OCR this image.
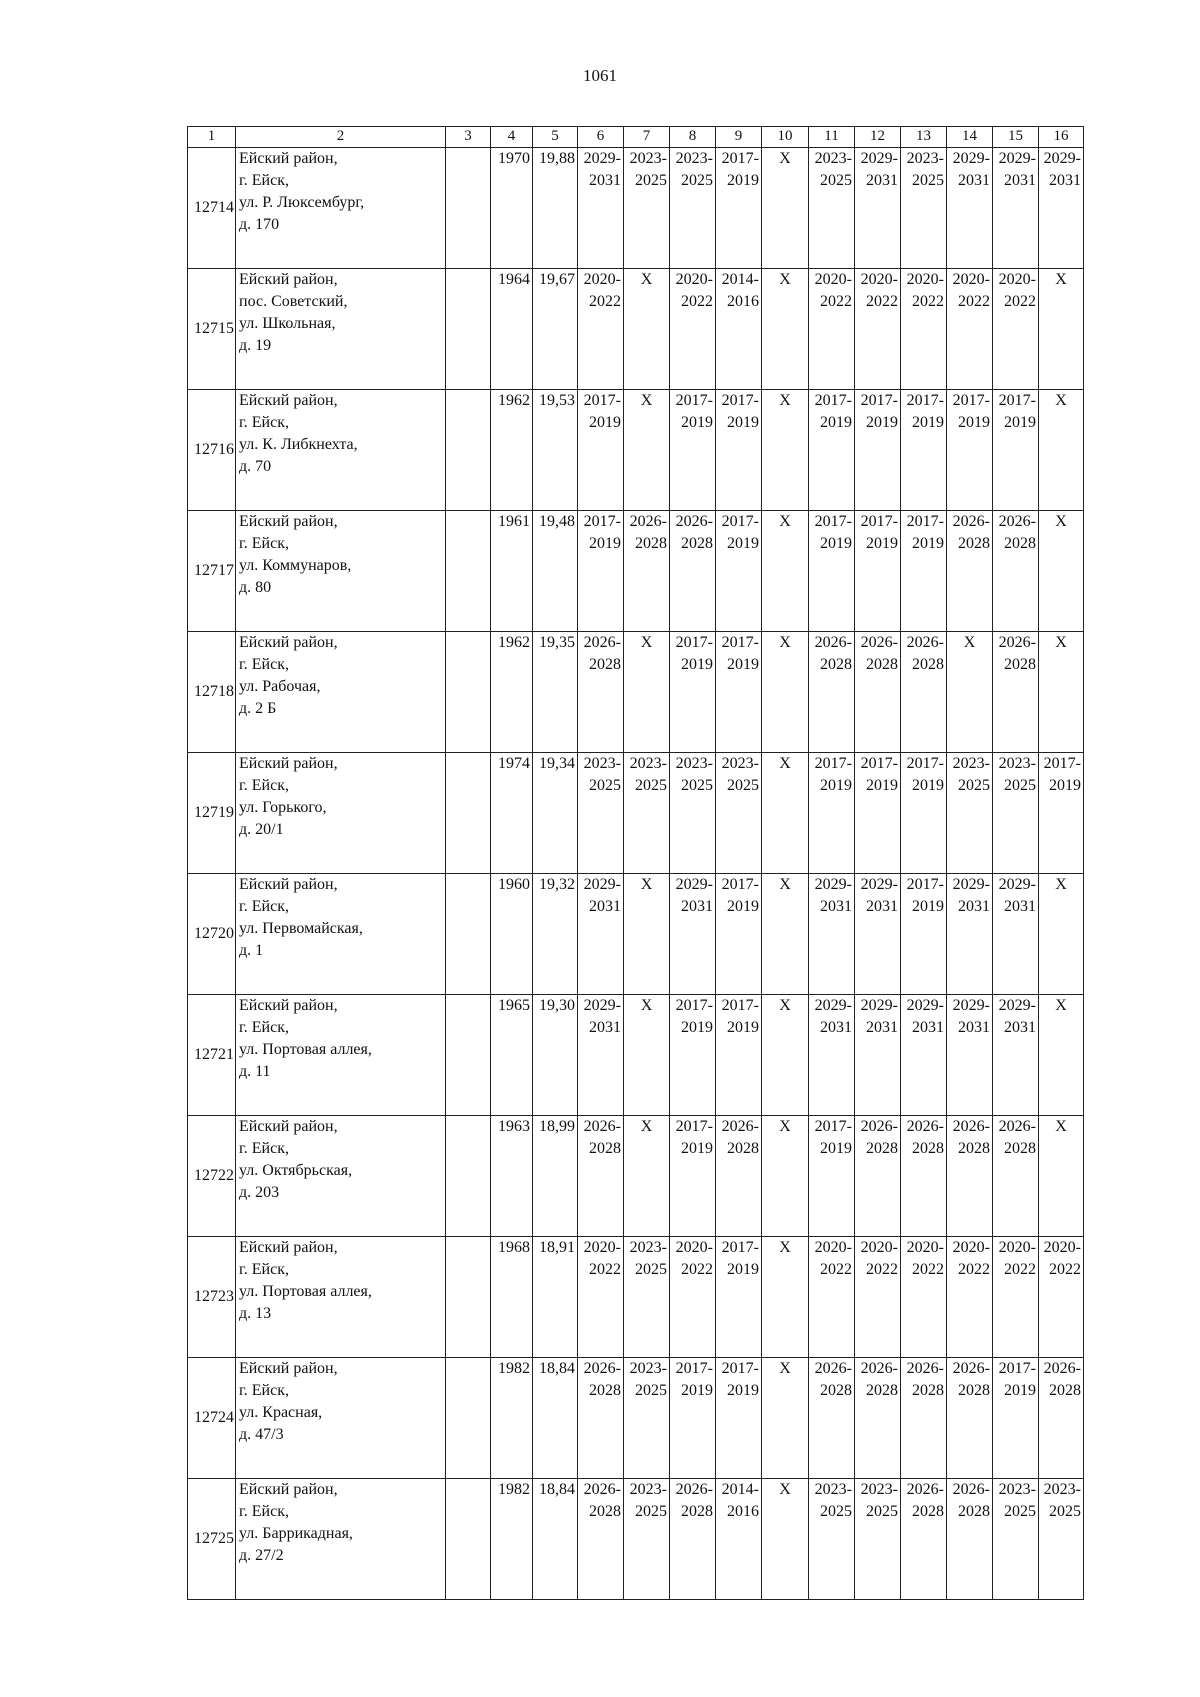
1061
1	2	3	4	5	6	7	8	9	10	11	12	13	14	15	16
12714	Ейский район,
г. Ейск,
ул. Р. Люксембург,
д. 170		1970	19,88	2029-
2031	2023-
2025	2023-
2025	2017-
2019	X	2023-
2025	2029-
2031	2023-
2025	2029-
2031	2029-
2031	2029-
2031

12715	Ейский район,
пос. Советский,
ул. Школьная,
д. 19		1964	19,67	2020-
2022	X	2020-
2022	2014-
2016	X	2020-
2022	2020-
2022	2020-
2022	2020-
2022	2020-
2022	X
12716	Ейский район,
г. Ейск,
ул. К. Либкнехта,
д. 70		1962	19,53	2017-
2019	X	2017-
2019	2017-
2019	X	2017-
2019	2017-
2019	2017-
2019	2017-
2019	2017-
2019	X
12717	Ейский район,
г. Ейск,
ул. Коммунаров,
д. 80		1961	19,48	2017-
2019	2026-
2028	2026-
2028	2017-
2019	X	2017-
2019	2017-
2019	2017-
2019	2026-
2028	2026-
2028	X
12718	Ейский район,
г. Ейск,
ул. Рабочая,
д. 2 Б		1962	19,35	2026-
2028	X	2017-
2019	2017-
2019	X	2026-
2028	2026-
2028	2026-
2028	X	2026-
2028	X
12719	Ейский район,
г. Ейск,
ул. Горького,
д. 20/1		1974	19,34	2023-
2025	2023-
2025	2023-
2025	2023-
2025	X	2017-
2019	2017-
2019	2017-
2019	2023-
2025	2023-
2025	2017-
2019

12720	Ейский район,
г. Ейск,
ул. Первомайская,
д. 1		1960	19,32	2029-
2031	X	2029-
2031	2017-
2019	X	2029-
2031	2029-
2031	2017-
2019	2029-
2031	2029-
2031	X
12721	Ейский район,
г. Ейск,
ул. Портовая аллея,
д. 11		1965	19,30	2029-
2031	X	2017-
2019	2017-
2019	X	2029-
2031	2029-
2031	2029-
2031	2029-
2031	2029-
2031	X
12722	Ейский район,
г. Ейск,
ул. Октябрьская,
д. 203		1963	18,99	2026-
2028	X	2017-
2019	2026-
2028	X	2017-
2019	2026-
2028	2026-
2028	2026-
2028	2026-
2028	X
12723	Ейский район,
г. Ейск,
ул. Портовая аллея,
д. 13		1968	18,91	2020-
2022	2023-
2025	2020-
2022	2017-
2019	X	2020-
2022	2020-
2022	2020-
2022	2020-
2022	2020-
2022	2020-
2022

12724	Ейский район,
г. Ейск,
ул. Красная,
д. 47/3		1982	18,84	2026-
2028	2023-
2025	2017-
2019	2017-
2019	X	2026-
2028	2026-
2028	2026-
2028	2026-
2028	2017-
2019	2026-
2028

12725	Ейский район,
г. Ейск,
ул. Баррикадная,
д. 27/2		1982	18,84	2026-
2028	2023-
2025	2026-
2028	2014-
2016	X	2023-
2025	2023-
2025	2026-
2028	2026-
2028	2023-
2025	2023-
2025
